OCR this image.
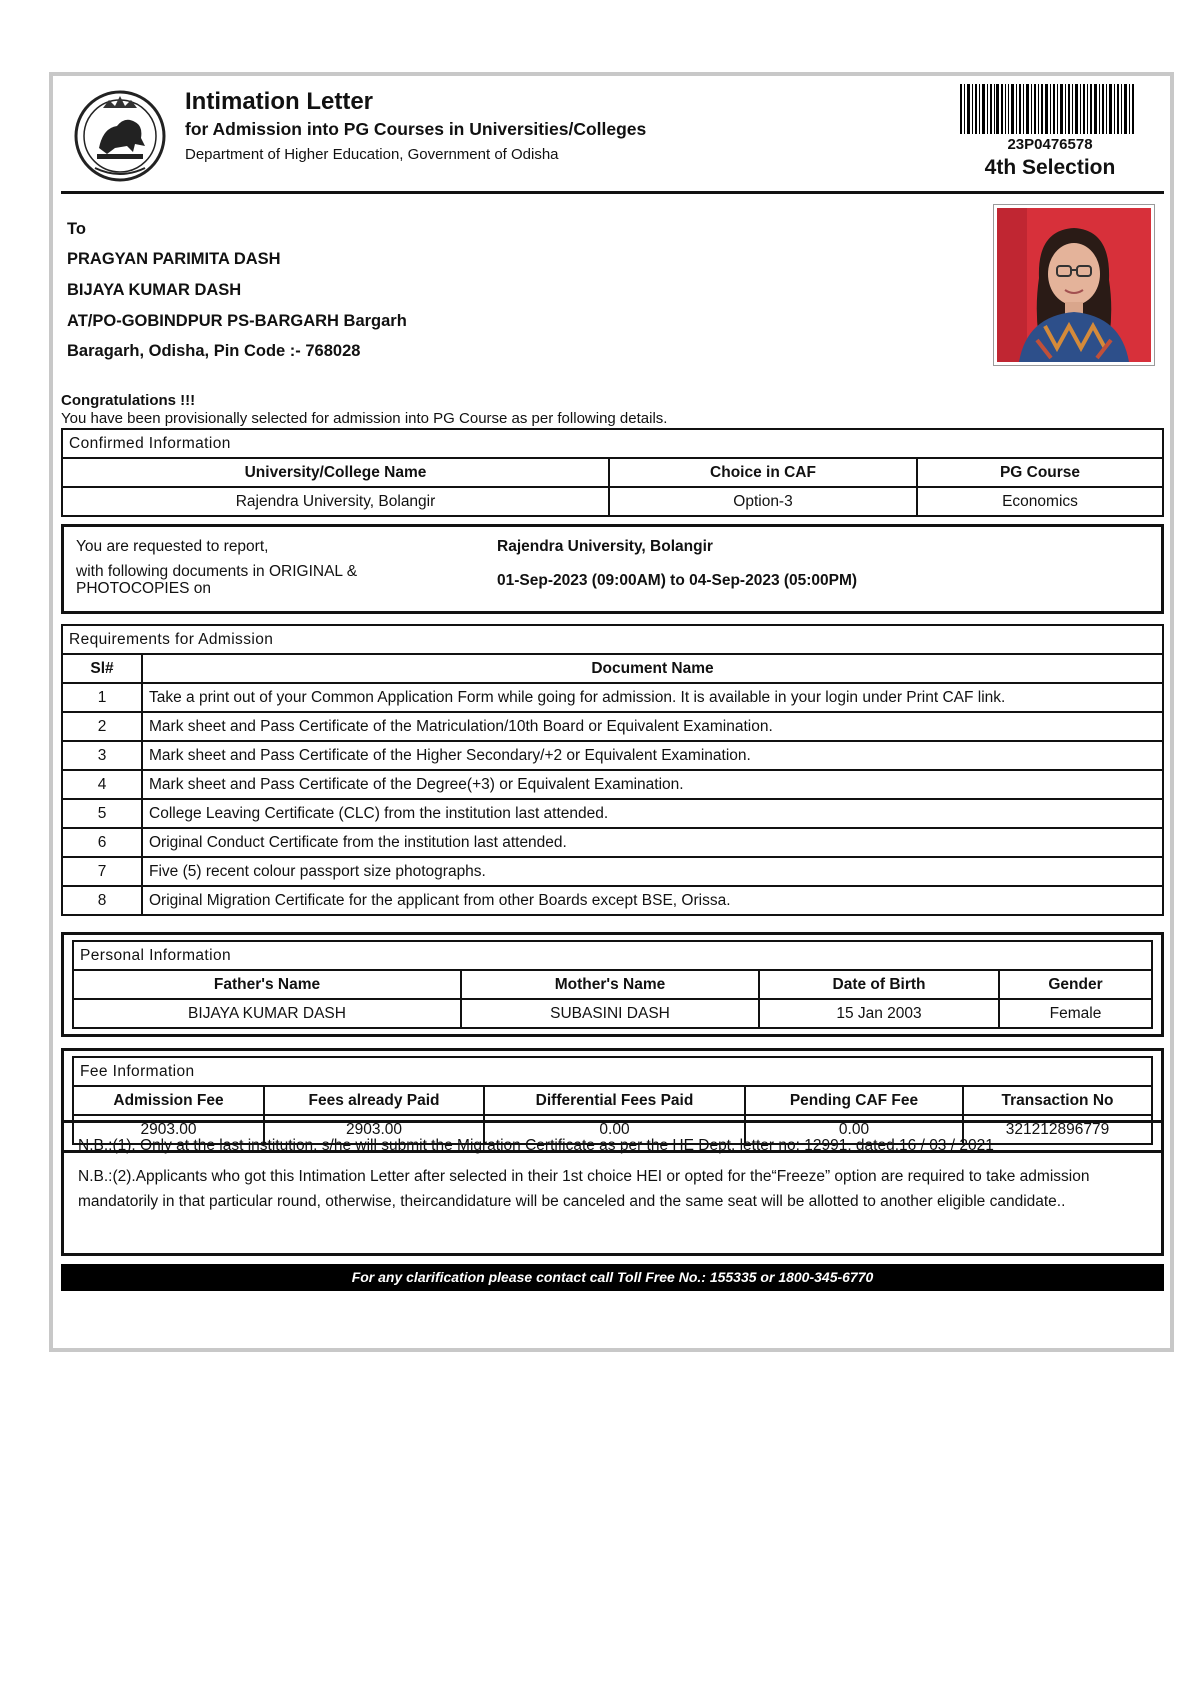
Intimation Letter
for Admission into PG Courses in Universities/Colleges
Department of Higher Education, Government of Odisha
23P0476578
4th Selection
To
PRAGYAN PARIMITA DASH
BIJAYA KUMAR DASH
AT/PO-GOBINDPUR PS-BARGARH Bargarh
Baragarh, Odisha, Pin Code :- 768028
Congratulations !!!
You have been provisionally selected for admission into PG Course as per following details.
Confirmed Information		
University/College Name	Choice in CAF	PG Course
Rajendra University, Bolangir	Option-3	Economics
You are requested to report,
with following documents in ORIGINAL & PHOTOCOPIES on
Rajendra University, Bolangir
01-Sep-2023 (09:00AM) to 04-Sep-2023 (05:00PM)
Requirements for Admission	
Sl#	Document Name
1	Take a print out of your Common Application Form while going for admission. It is available in your login under Print CAF link.
2	Mark sheet and Pass Certificate of the Matriculation/10th Board or Equivalent Examination.
3	Mark sheet and Pass Certificate of the Higher Secondary/+2 or Equivalent Examination.
4	Mark sheet and Pass Certificate of the Degree(+3) or Equivalent Examination.
5	College Leaving Certificate (CLC) from the institution last attended.
6	Original Conduct Certificate from the institution last attended.
7	Five (5) recent colour passport size photographs.
8	Original Migration Certificate for the applicant from other Boards except BSE, Orissa.
Personal Information			
Father's Name	Mother's Name	Date of Birth	Gender
BIJAYA KUMAR DASH	SUBASINI DASH	15 Jan 2003	Female
Fee Information				
Admission Fee	Fees already Paid	Differential Fees Paid	Pending CAF Fee	Transaction No
2903.00	2903.00	0.00	0.00	321212896779
N.B.:(1). Only at the last institution, s/he will submit the Migration Certificate as per the HE Dept. letter no: 12991, dated.16 / 03 / 2021
N.B.:(2).Applicants who got this Intimation Letter after selected in their 1st choice HEI or opted for the“Freeze” option are required to take admission mandatorily in that particular round, otherwise, theircandidature will be canceled and the same seat will be allotted to another eligible candidate..
For any clarification please contact call Toll Free No.: 155335 or 1800-345-6770
